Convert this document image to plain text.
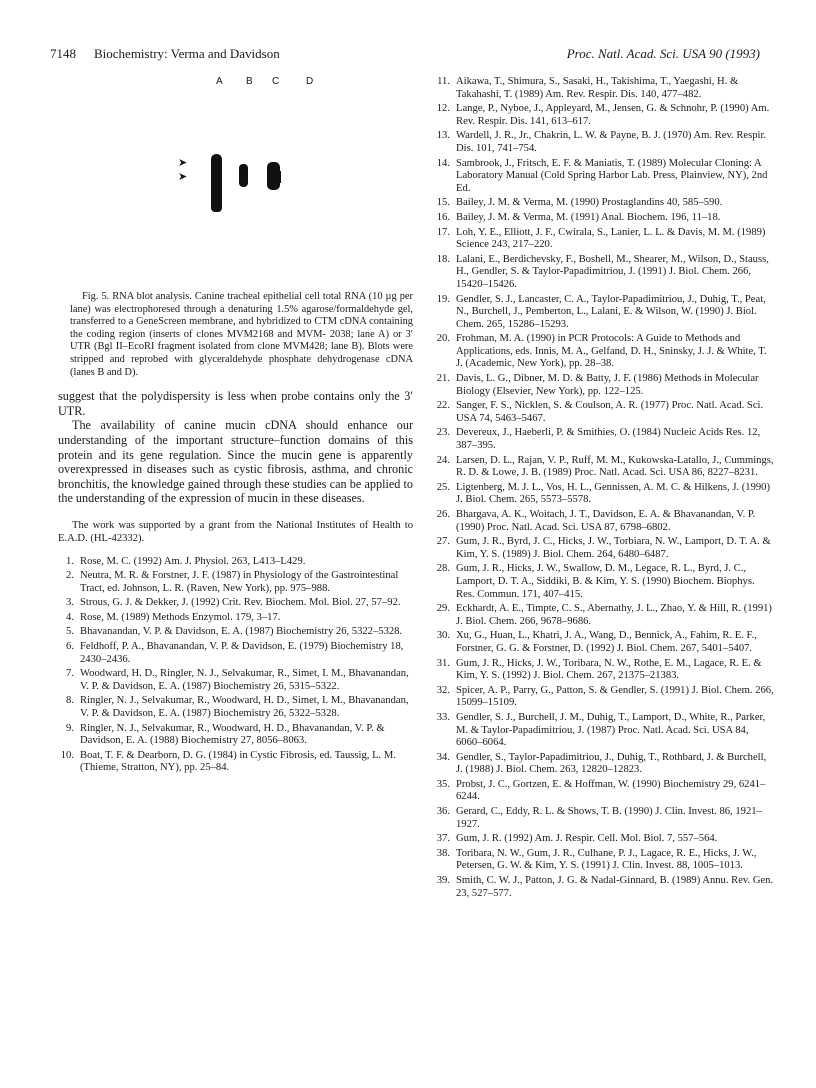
7148 Biochemistry: Verma and Davidson	Proc. Natl. Acad. Sci. USA 90 (1993)
A B C	D
➤
➤

Fig. 5. RNA blot analysis. Canine tracheal epithelial cell total RNA (10 µg per lane) was electrophoresed through a denaturing 1.5% agarose/formaldehyde gel, transferred to a GeneScreen membrane, and hybridized to CTM cDNA containing the coding region (inserts of clones MVM2168 and MVM- 2038; lane A) or 3′ UTR (Bgl II–EcoRI fragment isolated from clone MVM428; lane B). Blots were stripped and reprobed with glyceraldehyde phosphate dehydrogenase cDNA (lanes B and D).

suggest that the polydispersity is less when probe contains only the 3′ UTR.

The availability of canine mucin cDNA should enhance our understanding of the important structure–function domains of this protein and its gene regulation. Since the mucin gene is apparently overexpressed in diseases such as cystic fibrosis, asthma, and chronic bronchitis, the knowledge gained through these studies can be applied to the understanding of the expression of mucin in these diseases.

The work was supported by a grant from the National Institutes of Health to E.A.D. (HL-42332).

1. Rose, M. C. (1992) Am. J. Physiol. 263, L413–L429.
2. Neutra, M. R. & Forstner, J. F. (1987) in Physiology of the Gastrointestinal Tract, ed. Johnson, L. R. (Raven, New York), pp. 975–988.
3. Strous, G. J. & Dekker, J. (1992) Crit. Rev. Biochem. Mol. Biol. 27, 57–92.
4. Rose, M. (1989) Methods Enzymol. 179, 3–17.
5. Bhavanandan, V. P. & Davidson, E. A. (1987) Biochemistry 26, 5322–5328.
6. Feldhoff, P. A., Bhavanandan, V. P. & Davidson, E. (1979) Biochemistry 18, 2430–2436.
7. Woodward, H. D., Ringler, N. J., Selvakumar, R., Simet, I. M., Bhavanandan, V. P. & Davidson, E. A. (1987) Biochemistry 26, 5315–5322.
8. Ringler, N. J., Selvakumar, R., Woodward, H. D., Simet, I. M., Bhavanandan, V. P. & Davidson, E. A. (1987) Biochemistry 26, 5322–5328.
9. Ringler, N. J., Selvakumar, R., Woodward, H. D., Bhavanandan, V. P. & Davidson, E. A. (1988) Biochemistry 27, 8056–8063.
10. Boat, T. F. & Dearborn, D. G. (1984) in Cystic Fibrosis, ed. Taussig, L. M. (Thieme, Stratton, NY), pp. 25–84.
11. Aikawa, T., Shimura, S., Sasaki, H., Takishima, T., Yaegashi, H. & Takahashi, T. (1989) Am. Rev. Respir. Dis. 140, 477–482.
12. Lange, P., Nyboe, J., Appleyard, M., Jensen, G. & Schnohr, P. (1990) Am. Rev. Respir. Dis. 141, 613–617.
13. Wardell, J. R., Jr., Chakrin, L. W. & Payne, B. J. (1970) Am. Rev. Respir. Dis. 101, 741–754.
14. Sambrook, J., Fritsch, E. F. & Maniatis, T. (1989) Molecular Cloning: A Laboratory Manual (Cold Spring Harbor Lab. Press, Plainview, NY), 2nd Ed.
15. Bailey, J. M. & Verma, M. (1990) Prostaglandins 40, 585–590.
16. Bailey, J. M. & Verma, M. (1991) Anal. Biochem. 196, 11–18.
17. Loh, Y. E., Elliott, J. F., Cwirala, S., Lanier, L. L. & Davis, M. M. (1989) Science 243, 217–220.
18. Lalani, E., Berdichevsky, F., Boshell, M., Shearer, M., Wilson, D., Stauss, H., Gendler, S. & Taylor-Papadimitriou, J. (1991) J. Biol. Chem. 266, 15420–15426.
19. Gendler, S. J., Lancaster, C. A., Taylor-Papadimitriou, J., Duhig, T., Peat, N., Burchell, J., Pemberton, L., Lalani, E. & Wilson, W. (1990) J. Biol. Chem. 265, 15286–15293.
20. Frohman, M. A. (1990) in PCR Protocols: A Guide to Methods and Applications, eds. Innis, M. A., Gelfand, D. H., Sninsky, J. J. & White, T. J. (Academic, New York), pp. 28–38.
21. Davis, L. G., Dibner, M. D. & Batty, J. F. (1986) Methods in Molecular Biology (Elsevier, New York), pp. 122–125.
22. Sanger, F. S., Nicklen, S. & Coulson, A. R. (1977) Proc. Natl. Acad. Sci. USA 74, 5463–5467.
23. Devereux, J., Haeberli, P. & Smithies, O. (1984) Nucleic Acids Res. 12, 387–395.
24. Larsen, D. L., Rajan, V. P., Ruff, M. M., Kukowska-Latallo, J., Cummings, R. D. & Lowe, J. B. (1989) Proc. Natl. Acad. Sci. USA 86, 8227–8231.
25. Ligtenberg, M. J. L., Vos, H. L., Gennissen, A. M. C. & Hilkens, J. (1990) J. Biol. Chem. 265, 5573–5578.
26. Bhargava, A. K., Woitach, J. T., Davidson, E. A. & Bhavanandan, V. P. (1990) Proc. Natl. Acad. Sci. USA 87, 6798–6802.
27. Gum, J. R., Byrd, J. C., Hicks, J. W., Torbiara, N. W., Lamport, D. T. A. & Kim, Y. S. (1989) J. Biol. Chem. 264, 6480–6487.
28. Gum, J. R., Hicks, J. W., Swallow, D. M., Legace, R. L., Byrd, J. C., Lamport, D. T. A., Siddiki, B. & Kim, Y. S. (1990) Biochem. Biophys. Res. Commun. 171, 407–415.
29. Eckhardt, A. E., Timpte, C. S., Abernathy, J. L., Zhao, Y. & Hill, R. (1991) J. Biol. Chem. 266, 9678–9686.
30. Xu, G., Huan, L., Khatri, J. A., Wang, D., Bennick, A., Fahim, R. E. F., Forstner, G. G. & Forstner, D. (1992) J. Biol. Chem. 267, 5401–5407.
31. Gum, J. R., Hicks, J. W., Toribara, N. W., Rothe, E. M., Lagace, R. E. & Kim, Y. S. (1992) J. Biol. Chem. 267, 21375–21383.
32. Spicer, A. P., Parry, G., Patton, S. & Gendler, S. (1991) J. Biol. Chem. 266, 15099–15109.
33. Gendler, S. J., Burchell, J. M., Duhig, T., Lamport, D., White, R., Parker, M. & Taylor-Papadimitriou, J. (1987) Proc. Natl. Acad. Sci. USA 84, 6060–6064.
34. Gendler, S., Taylor-Papadimitriou, J., Duhig, T., Rothbard, J. & Burchell, J. (1988) J. Biol. Chem. 263, 12820–12823.
35. Probst, J. C., Gortzen, E. & Hoffman, W. (1990) Biochemistry 29, 6241–6244.
36. Gerard, C., Eddy, R. L. & Shows, T. B. (1990) J. Clin. Invest. 86, 1921–1927.
37. Gum, J. R. (1992) Am. J. Respir. Cell. Mol. Biol. 7, 557–564.
38. Toribara, N. W., Gum, J. R., Culhane, P. J., Lagace, R. E., Hicks, J. W., Petersen, G. W. & Kim, Y. S. (1991) J. Clin. Invest. 88, 1005–1013.
39. Smith, C. W. J., Patton, J. G. & Nadal-Ginnard, B. (1989) Annu. Rev. Gen. 23, 527–577.
